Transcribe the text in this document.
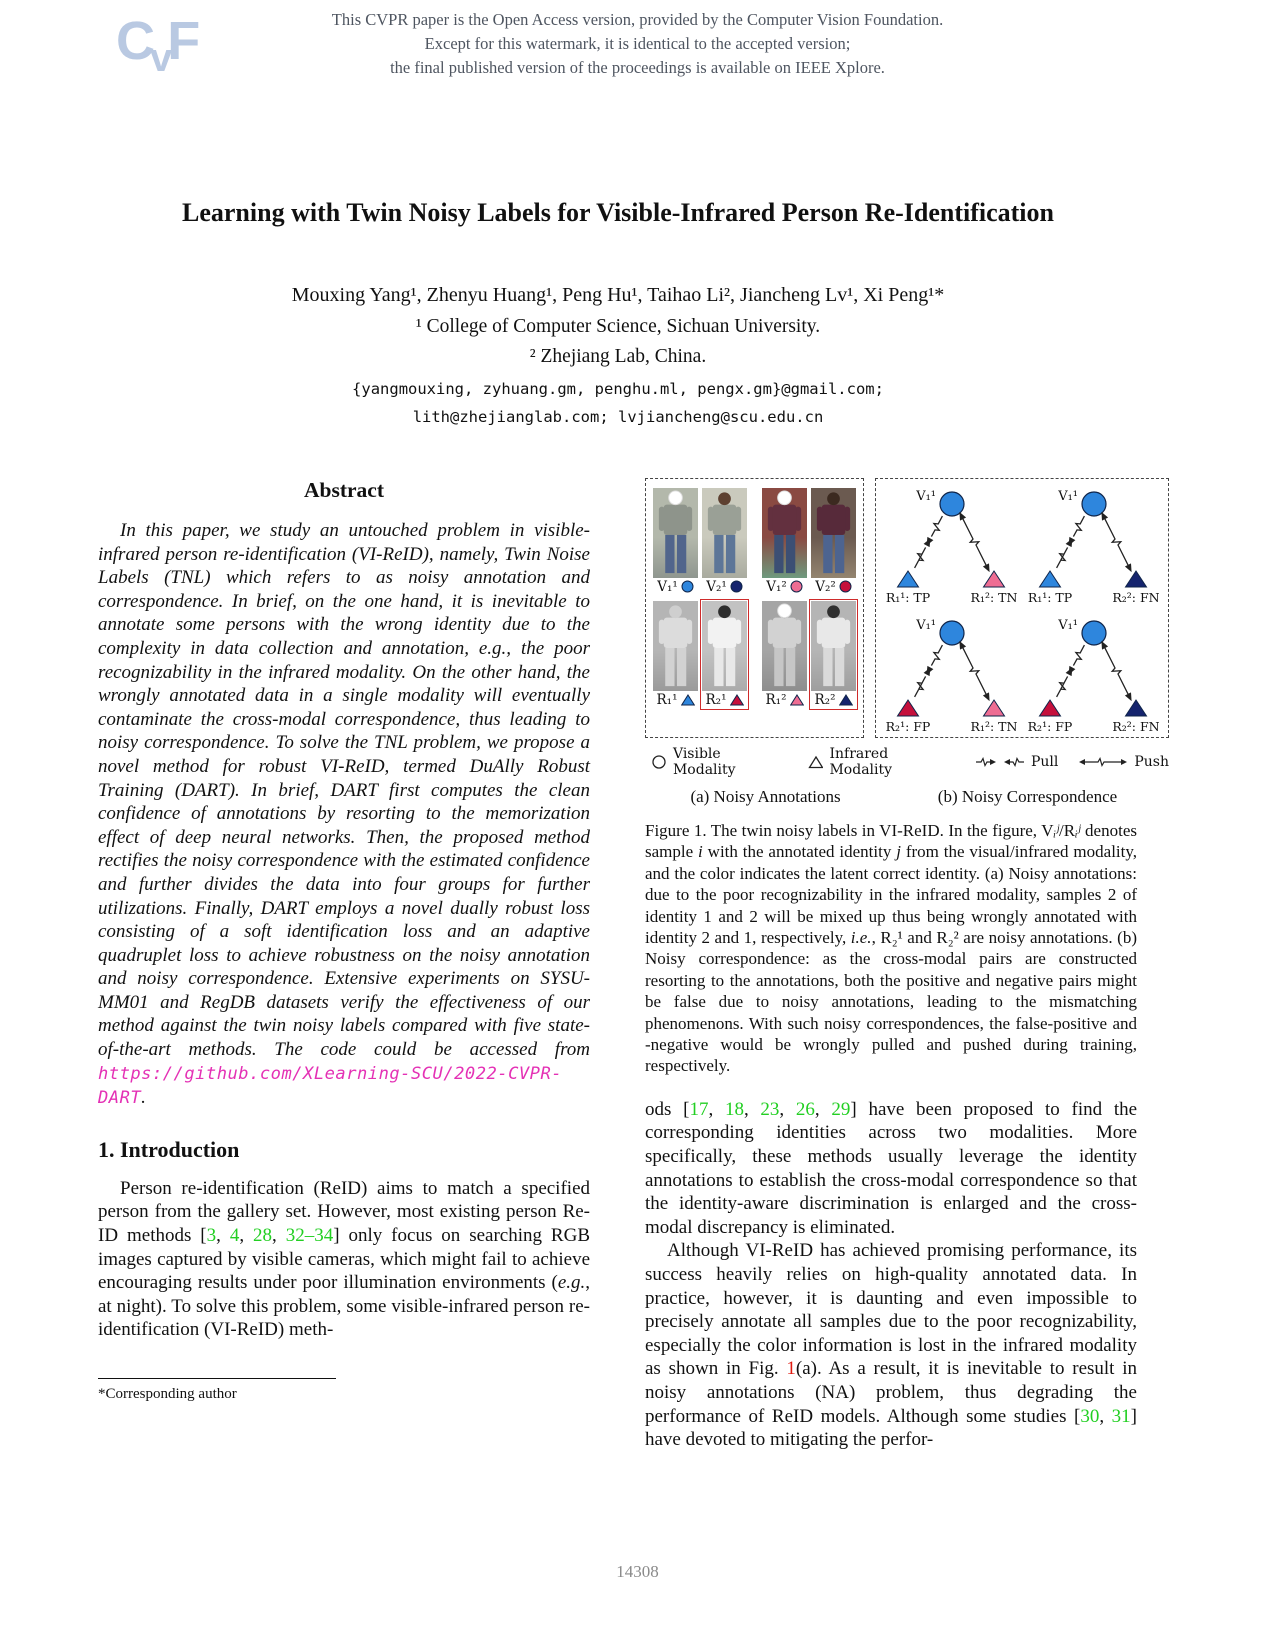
CvF	This CVPR paper is the Open Access version, provided by the Computer Vision Foundation.
Except for this watermark, it is identical to the accepted version;
the final published version of the proceedings is available on IEEE Xplore.
Learning with Twin Noisy Labels for Visible-Infrared Person Re-Identification
Mouxing Yang¹, Zhenyu Huang¹, Peng Hu¹, Taihao Li², Jiancheng Lv¹, Xi Peng¹*
¹ College of Computer Science, Sichuan University.
² Zhejiang Lab, China.
{yangmouxing, zyhuang.gm, penghu.ml, pengx.gm}@gmail.com;
lith@zhejianglab.com; lvjiancheng@scu.edu.cn
Abstract

In this paper, we study an untouched problem in visible-infrared person re-identification (VI-ReID), namely, Twin Noise Labels (TNL) which refers to as noisy annotation and correspondence. In brief, on the one hand, it is inevitable to annotate some persons with the wrong identity due to the complexity in data collection and annotation, e.g., the poor recognizability in the infrared modality. On the other hand, the wrongly annotated data in a single modality will eventually contaminate the cross-modal correspondence, thus leading to noisy correspondence. To solve the TNL problem, we propose a novel method for robust VI-ReID, termed DuAlly Robust Training (DART). In brief, DART first computes the clean confidence of annotations by resorting to the memorization effect of deep neural networks. Then, the proposed method rectifies the noisy correspondence with the estimated confidence and further divides the data into four groups for further utilizations. Finally, DART employs a novel dually robust loss consisting of a soft identification loss and an adaptive quadruplet loss to achieve robustness on the noisy annotation and noisy correspondence. Extensive experiments on SYSU-MM01 and RegDB datasets verify the effectiveness of our method against the twin noisy labels compared with five state-of-the-art methods. The code could be accessed from https://github.com/XLearning-SCU/2022-CVPR-DART.

1. Introduction

Person re-identification (ReID) aims to match a specified person from the gallery set. However, most existing person Re-ID methods [3, 4, 28, 32–34] only focus on searching RGB images captured by visible cameras, which might fail to achieve encouraging results under poor illumination environments (e.g., at night). To solve this problem, some visible-infrared person re-identification (VI-ReID) meth-

*Corresponding author
V₁¹ V₂¹	V₁² V₂²
R₁¹ R₂¹	R₁² R₂²
V₁¹
R₁¹: TP	R₁²: TN
V₁¹
R₁¹: TP	R₂²: FN
V₁¹
R₂¹: FP	R₁²: TN
V₁¹
R₂¹: FP	R₂²: FN
Visible Modality
Infrared Modality	Pull	Push
(a) Noisy Annotations	(b) Noisy Correspondence

Figure 1. The twin noisy labels in VI-ReID. In the figure, Vᵢʲ/Rᵢʲ denotes sample i with the annotated identity j from the visual/infrared modality, and the color indicates the latent correct identity. (a) Noisy annotations: due to the poor recognizability in the infrared modality, samples 2 of identity 1 and 2 will be mixed up thus being wrongly annotated with identity 2 and 1, respectively, i.e., R₂¹ and R₂² are noisy annotations. (b) Noisy correspondence: as the cross-modal pairs are constructed resorting to the annotations, both the positive and negative pairs might be false due to noisy annotations, leading to the mismatching phenomenons. With such noisy correspondences, the false-positive and -negative would be wrongly pulled and pushed during training, respectively.

ods [17, 18, 23, 26, 29] have been proposed to find the corresponding identities across two modalities. More specifically, these methods usually leverage the identity annotations to establish the cross-modal correspondence so that the identity-aware discrimination is enlarged and the cross-modal discrepancy is eliminated.

Although VI-ReID has achieved promising performance, its success heavily relies on high-quality annotated data. In practice, however, it is daunting and even impossible to precisely annotate all samples due to the poor recognizability, especially the color information is lost in the infrared modality as shown in Fig. 1(a). As a result, it is inevitable to result in noisy annotations (NA) problem, thus degrading the performance of ReID models. Although some studies [30, 31] have devoted to mitigating the perfor-

14308
